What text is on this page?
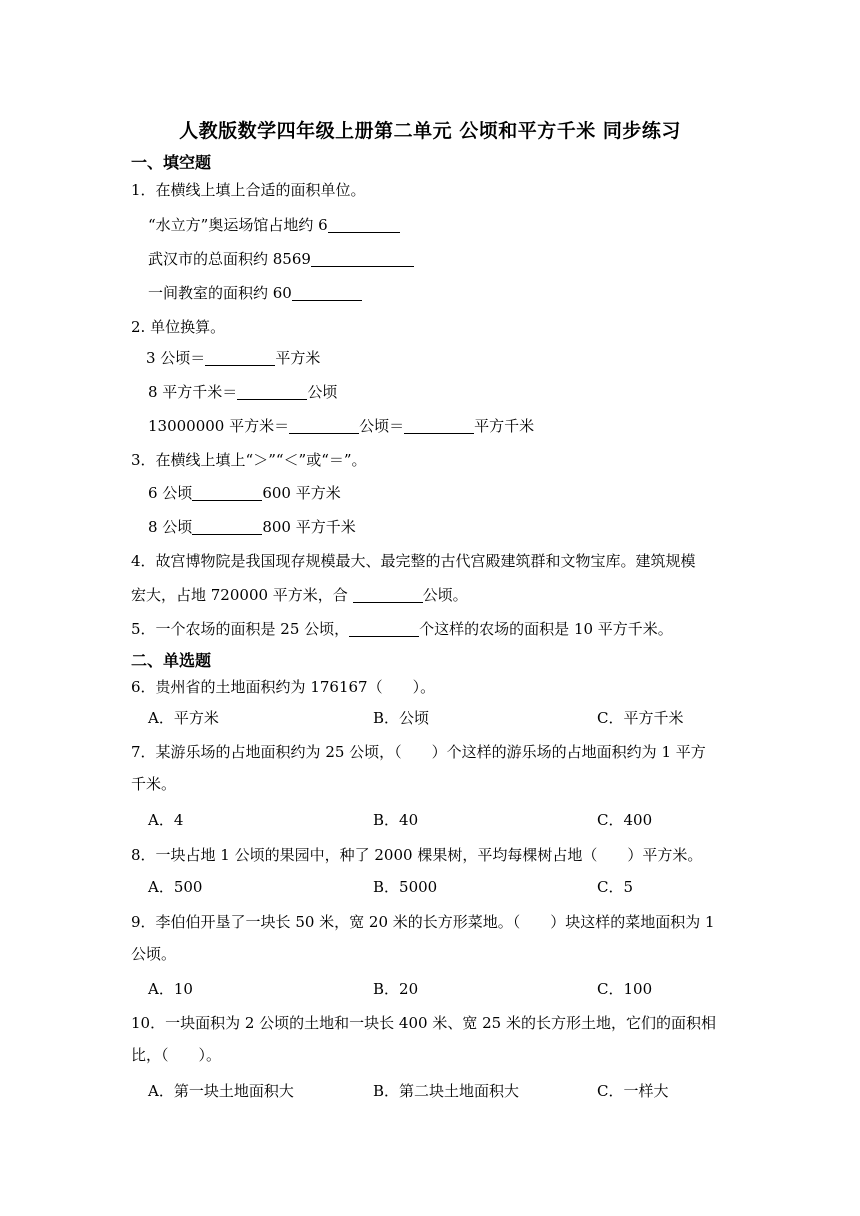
人教版数学四年级上册第二单元 公顷和平方千米 同步练习
一、填空题
1．在横线上填上合适的面积单位。
“水立方”奥运场馆占地约 6
武汉市的总面积约 8569
一间教室的面积约 60
2. 单位换算。
3 公顷＝	平方米
8 平方千米＝	公顷
13000000 平方米＝	公顷＝	平方千米
3．在横线上填上“＞”“＜”或“＝”。
6 公顷	600 平方米
8 公顷	800 平方千米
4．故宫博物院是我国现存规模最大、最完整的古代宫殿建筑群和文物宝库。建筑规模
宏大，占地 720000 平方米，合	公顷。
5．一个农场的面积是 25 公顷，	个这样的农场的面积是 10 平方千米。
二、单选题
6．贵州省的土地面积约为 176167（　　）。
A．平方米	B．公顷	C．平方千米
7．某游乐场的占地面积约为 25 公顷，（　　）个这样的游乐场的占地面积约为 1 平方
千米。
A．4	B．40	C．400
8．一块占地 1 公顷的果园中，种了 2000 棵果树，平均每棵树占地（　　）平方米。
A．500	B．5000	C．5
9．李伯伯开垦了一块长 50 米，宽 20 米的长方形菜地。（　　）块这样的菜地面积为 1
公顷。
A．10	B．20	C．100
10．一块面积为 2 公顷的土地和一块长 400 米、宽 25 米的长方形土地，它们的面积相
比，（　　）。
A．第一块土地面积大	B．第二块土地面积大	C．一样大
